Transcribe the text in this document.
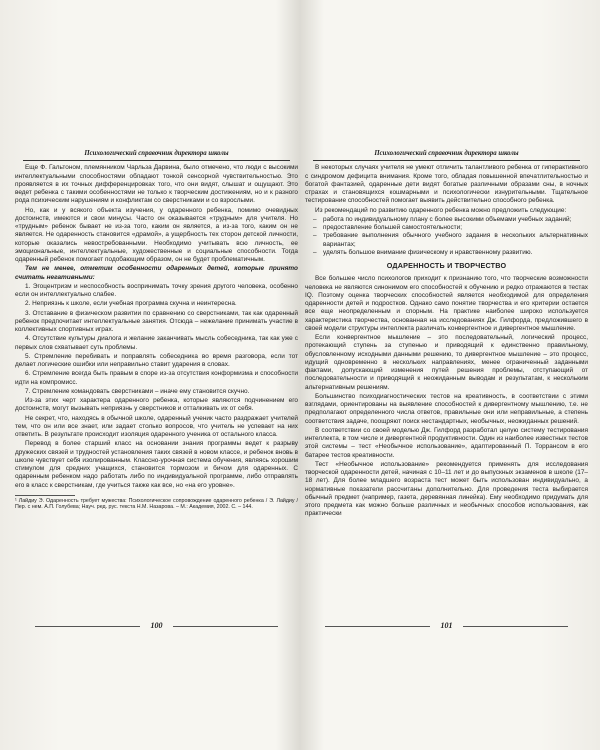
Психологический справочник директора школы

Еще Ф. Гальтоном, племянником Чарльза Дарвина, было отмечено, что люди с высокими интеллектуальными способностями обладают тонкой сенсорной чувствительностью. Это проявляется в их точных дифференцировках того, что они видят, слышат и ощущают. Это ведет ребенка с такими особенностями не только к творческим достижениям, но и к разного рода психическим нарушениям и конфликтам со сверстниками и со взрослыми.

Но, как и у всякого объекта изучения, у одаренного ребенка, помимо очевидных достоинств, имеются и свои минусы. Часто он оказывается «трудным» для учителя. Но «трудным» ребенок бывает не из-за того, каким он является, а из-за того, каким он не является. Не одаренность становится «драмой», а ущербность тех сторон детской личности, которые оказались невостребованными. Необходимо учитывать всю личность, ее эмоциональные, интеллектуальные, художественные и социальные способности. Тогда одаренный ребенок помогает подобающим образом, он не будет проблематичным.

Тем не менее, отметим особенности одаренных детей, которые принято считать негативными:

1. Эгоцентризм и неспособность воспринимать точку зрения другого человека, особенно если он интеллектуально слабее.

2. Неприязнь к школе, если учебная программа скучна и неинтересна.

3. Отставание в физическом развитии по сравнению со сверстниками, так как одаренный ребенок предпочитает интеллектуальные занятия. Отсюда – нежелание принимать участие в коллективных спортивных играх.

4. Отсутствие культуры диалога и желание заканчивать мысль собеседника, так как уже с первых слов схватывает суть проблемы.

5. Стремление перебивать и поправлять собеседника во время разговора, если тот делает логические ошибки или неправильно ставит ударения в словах.

6. Стремление всегда быть правым в споре из-за отсутствия конформизма и способности идти на компромисс.

7. Стремление командовать сверстниками – иначе ему становится скучно.

Из-за этих черт характера одаренного ребенка, которые являются подчинением его достоинств, могут вызывать неприязнь у сверстников и отталкивать их от себя.

Не секрет, что, находясь в обычной школе, одаренный ученик часто раздражает учителей тем, что он или все знает, или задает столько вопросов, что учитель не успевает на них ответить. В результате происходит изоляция одаренного ученика от остального класса.

Перевод в более старший класс на основании знания программы ведет к разрыву дружеских связей и трудностей установления таких связей в новом классе, и ребенок вновь в школе чувствует себя изолированным. Классно-урочная система обучения, являясь хорошим стимулом для средних учащихся, становится тормозом и бичом для одаренных. С одаренным ребенком надо работать либо по индивидуальной программе, либо отправлять его в класс к сверстникам, где учиться также как все, но «на его уровне».

¹ Лайдиу Э. Одаренность требует мужества: Психологическое сопровождение одаренного ребенка / Э. Лайдиу / Пер. с нем. А.П. Голубева; Науч. ред. рус. текста Н.М. Назарова. – М.: Академия, 2002. С. – 144.

100
Психологический справочник директора школы

В некоторых случаях учителя не умеют отличить талантливого ребенка от гиперактивного с синдромом дефицита внимания. Кроме того, обладая повышенной впечатлительностью и богатой фантазией, одаренные дети видят богатые различными образами сны, в ночных страхах и становящихся кошмарными и психологически изнурительными. Тщательное тестирование способностей помогает выявить действительно способного ребенка.

Из рекомендаций по развитию одаренного ребенка можно предложить следующие:

– работа по индивидуальному плану с более высокими объемами учебных заданий;

– предоставление большей самостоятельности;

– требование выполнения обычного учебного задания в нескольких альтернативных вариантах;

– уделять большое внимание физическому и нравственному развитию.

ОДАРЕННОСТЬ И ТВОРЧЕСТВО

Все большее число психологов приходит к признанию того, что творческие возможности человека не являются синонимом его способностей к обучению и редко отражаются в тестах IQ. Поэтому оценка творческих способностей является необходимой для определения одаренности детей и подростков. Однако само понятие творчества и его критерии остается все еще неопределенным и спорным. На практике наиболее широко используется характеристика творчества, основанная на исследованиях Дж. Гилфорда, предложившего в своей модели структуры интеллекта различать конвергентное и дивергентное мышление.

Если конвергентное мышление – это последовательный, логический процесс, протекающий ступень за ступенью и приводящий к единственно правильному, обусловленному исходными данными решению, то дивергентное мышление – это процесс, идущий одновременно в нескольких направлениях, менее ограниченный заданными фактами, допускающий изменения путей решения проблемы, отступающий от последовательности и приводящий к неожиданным выводам и результатам, к нескольким альтернативным решениям.

Большинство психодиагностических тестов на креативность, в соответствии с этими взглядами, ориентированы на выявление способностей к дивергентному мышлению, т.е. не предполагают определенного числа ответов, правильные они или неправильные, а степень соответствия задаче, поощряют поиск нестандартных, необычных, неожиданных решений.

В соответствии со своей моделью Дж. Гилфорд разработал целую систему тестирования интеллекта, в том числе и дивергентной продуктивности. Один из наиболее известных тестов этой системы – тест «Необычное использование», адаптированный П. Торрансом в его батарее тестов креативности.

Тест «Необычное использование» рекомендуется применять для исследования творческой одаренности детей, начиная с 10–11 лет и до выпускных экзаменов в школе (17–18 лет). Для более младшего возраста тест может быть использован индивидуально, а нормативные показатели рассчитаны дополнительно. Для проведения теста выбирается обычный предмет (например, газета, деревянная линейка). Ему необходимо придумать для этого предмета как можно больше различных и необычных способов использования, как практически

101
